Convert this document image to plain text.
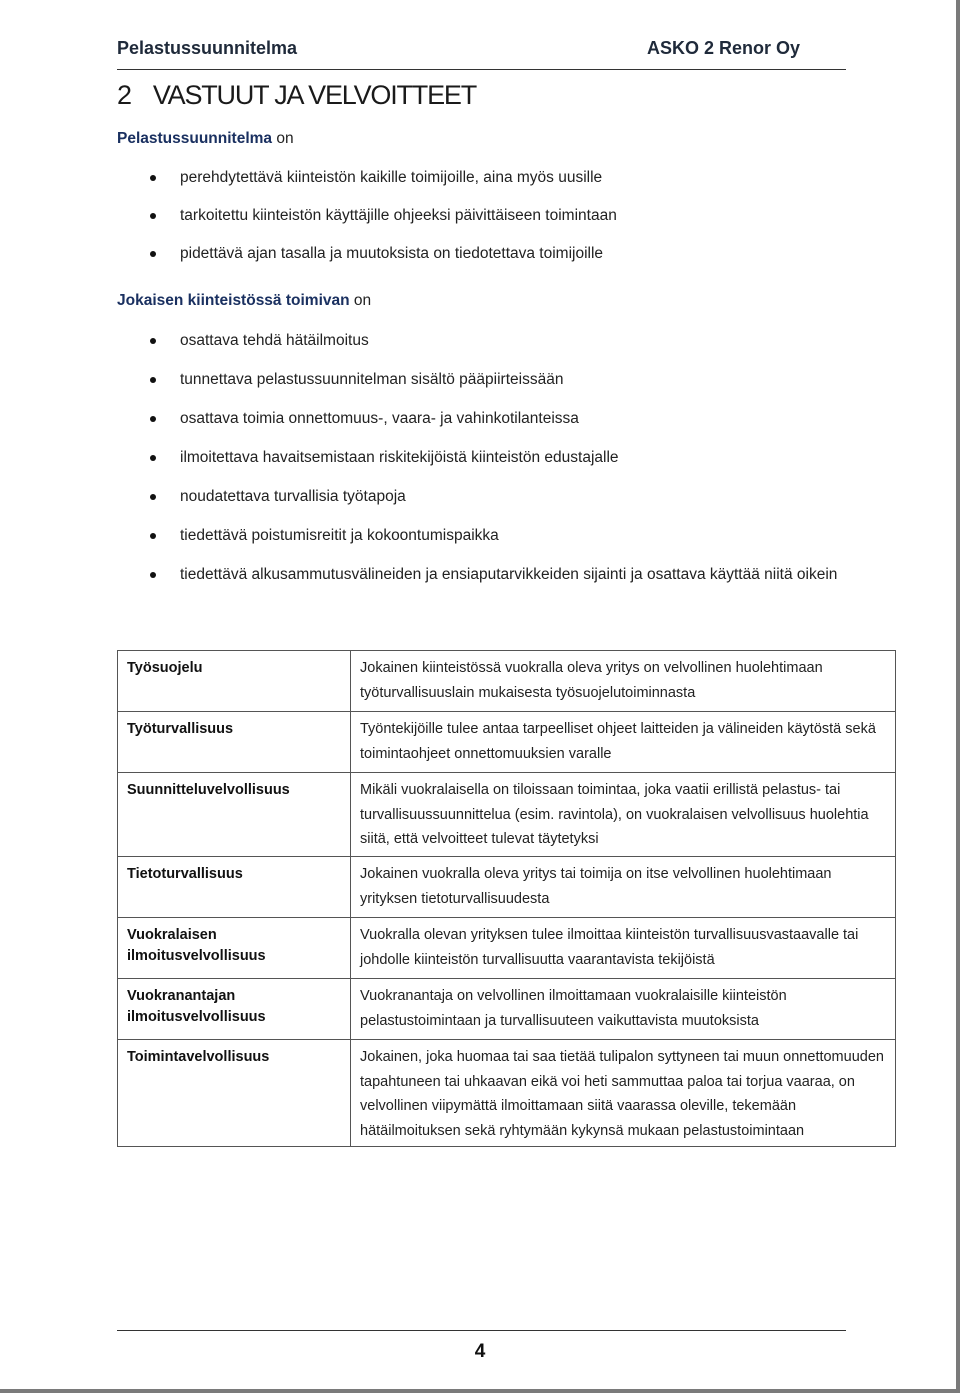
Pelastussuunnitelma	ASKO 2 Renor Oy
2 VASTUUT JA VELVOITTEET
Pelastussuunnitelma on
perehdytettävä kiinteistön kaikille toimijoille, aina myös uusille
tarkoitettu kiinteistön käyttäjille ohjeeksi päivittäiseen toimintaan
pidettävä ajan tasalla ja muutoksista on tiedotettava toimijoille
Jokaisen kiinteistössä toimivan on
osattava tehdä hätäilmoitus
tunnettava pelastussuunnitelman sisältö pääpiirteissään
osattava toimia onnettomuus-, vaara- ja vahinkotilanteissa
ilmoitettava havaitsemistaan riskitekijöistä kiinteistön edustajalle
noudatettava turvallisia työtapoja
tiedettävä poistumisreitit ja kokoontumispaikka
tiedettävä alkusammutusvälineiden ja ensiaputarvikkeiden sijainti ja osattava käyttää niitä oikein
Työsuojelu	Jokainen kiinteistössä vuokralla oleva yritys on velvollinen huolehtimaan työturvallisuuslain mukaisesta työsuojelutoiminnasta
Työturvallisuus	Työntekijöille tulee antaa tarpeelliset ohjeet laitteiden ja välineiden käytöstä sekä toimintaohjeet onnettomuuksien varalle
Suunnitteluvelvollisuus	Mikäli vuokralaisella on tiloissaan toimintaa, joka vaatii erillistä pelastus- tai turvallisuussuunnittelua (esim. ravintola), on vuokralaisen velvollisuus huolehtia siitä, että velvoitteet tulevat täytetyksi
Tietoturvallisuus	Jokainen vuokralla oleva yritys tai toimija on itse velvollinen huolehtimaan yrityksen tietoturvallisuudesta
Vuokralaisen ilmoitusvelvollisuus	Vuokralla olevan yrityksen tulee ilmoittaa kiinteistön turvallisuusvastaavalle tai johdolle kiinteistön turvallisuutta vaarantavista tekijöistä
Vuokranantajan ilmoitusvelvollisuus	Vuokranantaja on velvollinen ilmoittamaan vuokralaisille kiinteistön pelastustoimintaan ja turvallisuuteen vaikuttavista muutoksista
Toimintavelvollisuus	Jokainen, joka huomaa tai saa tietää tulipalon syttyneen tai muun onnettomuuden tapahtuneen tai uhkaavan eikä voi heti sammuttaa paloa tai torjua vaaraa, on velvollinen viipymättä ilmoittamaan siitä vaarassa oleville, tekemään hätäilmoituksen sekä ryhtymään kykynsä mukaan pelastustoimintaan
4
